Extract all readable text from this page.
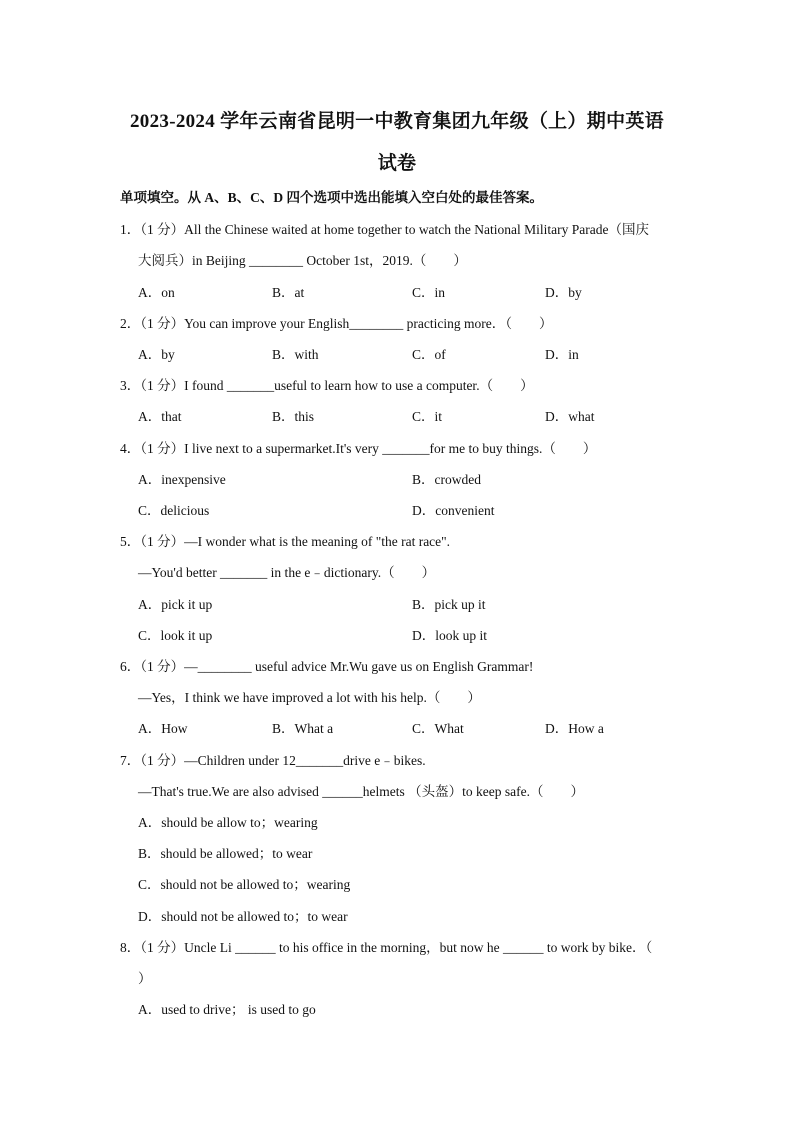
2023-2024 学年云南省昆明一中教育集团九年级（上）期中英语
试卷
单项填空。从 A、B、C、D 四个选项中选出能填入空白处的最佳答案。
1．（1 分）All the Chinese waited at home together to watch the National Military Parade（国庆
大阅兵）in Beijing ________ October 1st，2019.（　　）
A．on	B．at	C．in	D．by
2．（1 分）You can improve your English________ practicing more．（　　）
A．by	B．with	C．of	D．in
3．（1 分）I found _______useful to learn how to use a computer.（　　）
A．that	B．this	C．it	D．what
4．（1 分）I live next to a supermarket.It's very _______for me to buy things.（　　）
A．inexpensive	B．crowded
C．delicious	D．convenient
5．（1 分）—I wonder what is the meaning of "the rat race".
—You'd better _______ in the e﹣dictionary.（　　）
A．pick it up	B．pick up it
C．look it up	D．look up it
6．（1 分）—________ useful advice Mr.Wu gave us on English Grammar!
—Yes，I think we have improved a lot with his help.（　　）
A．How	B．What a	C．What	D．How a
7．（1 分）—Children under 12_______drive e﹣bikes.
—That's true.We are also advised ______helmets （头盔）to keep safe.（　　）
A．should be allow to；wearing
B．should be allowed；to wear
C．should not be allowed to；wearing
D．should not be allowed to；to wear
8．（1 分）Uncle Li ______ to his office in the morning，but now he ______ to work by bike．（
）
A．used to drive； is used to go
